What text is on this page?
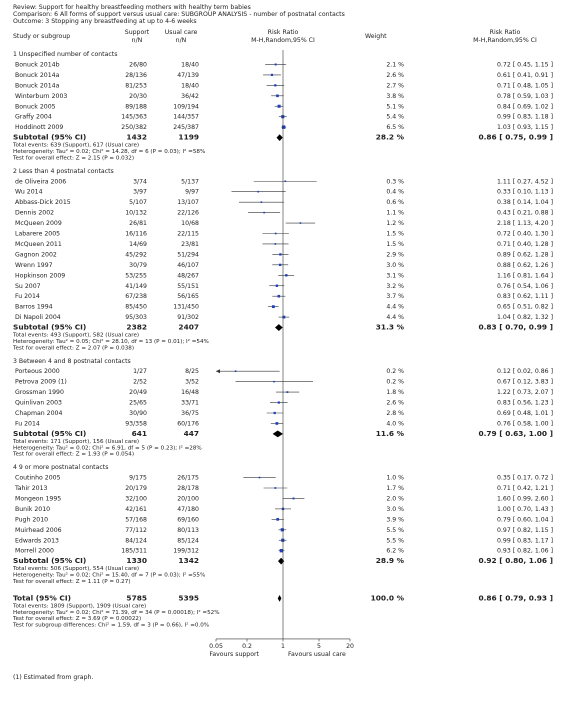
Review: Support for healthy breastfeeding mothers with healthy term babies
Comparison: 6 All forms of support versus usual care: SUBGROUP ANALYSIS - number of postnatal contacts
Outcome: 3 Stopping any breastfeeding at up to 4-6 weeks
Study or subgroup
Support
n/N
Usual care
n/N
Risk Ratio
M-H,Random,95% CI
Weight
Risk Ratio
M-H,Random,95% CI
1 Unspecified number of contacts
Bonuck 2014b	26/80	18/40	2.1 %	0.72 [ 0.45, 1.15 ]
Bonuck 2014a	28/136	47/139	2.6 %	0.61 [ 0.41, 0.91 ]
Bonuck 2014a	81/253	18/40	2.7 %	0.71 [ 0.48, 1.05 ]
Winterburn 2003	20/30	36/42	3.8 %	0.78 [ 0.59, 1.03 ]
Bonuck 2005	89/188	109/194	5.1 %	0.84 [ 0.69, 1.02 ]
Graffy 2004	145/363	144/357	5.4 %	0.99 [ 0.83, 1.18 ]
Hoddinott 2009	250/382	245/387	6.5 %	1.03 [ 0.93, 1.15 ]
Subtotal (95% CI)	1432	1199	28.2 %	0.86 [ 0.75, 0.99 ]
Total events: 639 (Support), 617 (Usual care)
Heterogeneity: Tau² = 0.02; Chi² = 14.28, df = 6 (P = 0.03); I² =58%
Test for overall effect: Z = 2.15 (P = 0.032)
2 Less than 4 postnatal contacts
de Oliveira 2006	3/74	5/137	0.3 %	1.11 [ 0.27, 4.52 ]
Wu 2014	3/97	9/97	0.4 %	0.33 [ 0.10, 1.13 ]
Abbass-Dick 2015	5/107	13/107	0.6 %	0.38 [ 0.14, 1.04 ]
Dennis 2002	10/132	22/126	1.1 %	0.43 [ 0.21, 0.88 ]
McQueen 2009	26/81	10/68	1.2 %	2.18 [ 1.13, 4.20 ]
Labarere 2005	16/116	22/115	1.5 %	0.72 [ 0.40, 1.30 ]
McQueen 2011	14/69	23/81	1.5 %	0.71 [ 0.40, 1.28 ]
Gagnon 2002	45/292	51/294	2.9 %	0.89 [ 0.62, 1.28 ]
Wrenn 1997	30/79	46/107	3.0 %	0.88 [ 0.62, 1.26 ]
Hopkinson 2009	53/255	48/267	3.1 %	1.16 [ 0.81, 1.64 ]
Su 2007	41/149	55/151	3.2 %	0.76 [ 0.54, 1.06 ]
Fu 2014	67/238	56/165	3.7 %	0.83 [ 0.62, 1.11 ]
Barros 1994	85/450	131/450	4.4 %	0.65 [ 0.51, 0.82 ]
Di Napoli 2004	95/303	91/302	4.4 %	1.04 [ 0.82, 1.32 ]
Subtotal (95% CI)	2382	2407	31.3 %	0.83 [ 0.70, 0.99 ]
Total events: 493 (Support), 582 (Usual care)
Heterogeneity: Tau² = 0.05; Chi² = 28.10, df = 13 (P = 0.01); I² =54%
Test for overall effect: Z = 2.07 (P = 0.038)
3 Between 4 and 8 postnatal contacts
Porteous 2000	1/27	8/25	0.2 %	0.12 [ 0.02, 0.86 ]
Petrova 2009 (1)	2/52	3/52	0.2 %	0.67 [ 0.12, 3.83 ]
Grossman 1990	20/49	16/48	1.8 %	1.22 [ 0.73, 2.07 ]
Quinlivan 2003	25/65	33/71	2.6 %	0.83 [ 0.56, 1.23 ]
Chapman 2004	30/90	36/75	2.8 %	0.69 [ 0.48, 1.01 ]
Fu 2014	93/358	60/176	4.0 %	0.76 [ 0.58, 1.00 ]
Subtotal (95% CI)	641	447	11.6 %	0.79 [ 0.63, 1.00 ]
Total events: 171 (Support), 156 (Usual care)
Heterogeneity: Tau² = 0.02; Chi² = 6.91, df = 5 (P = 0.23); I² =28%
Test for overall effect: Z = 1.93 (P = 0.054)
4 9 or more postnatal contacts
Coutinho 2005	9/175	26/175	1.0 %	0.35 [ 0.17, 0.72 ]
Tahir 2013	20/179	28/178	1.7 %	0.71 [ 0.42, 1.21 ]
Mongeon 1995	32/100	20/100	2.0 %	1.60 [ 0.99, 2.60 ]
Bunik 2010	42/161	47/180	3.0 %	1.00 [ 0.70, 1.43 ]
Pugh 2010	57/168	69/160	3.9 %	0.79 [ 0.60, 1.04 ]
Muirhead 2006	77/112	80/113	5.5 %	0.97 [ 0.82, 1.15 ]
Edwards 2013	84/124	85/124	5.5 %	0.99 [ 0.83, 1.17 ]
Morrell 2000	185/311	199/312	6.2 %	0.93 [ 0.82, 1.06 ]
Subtotal (95% CI)	1330	1342	28.9 %	0.92 [ 0.80, 1.06 ]
Total events: 506 (Support), 554 (Usual care)
Heterogeneity: Tau² = 0.02; Chi² = 15.40, df = 7 (P = 0.03); I² =55%
Test for overall effect: Z = 1.11 (P = 0.27)
Total (95% CI)	5785	5395	100.0 %	0.86 [ 0.79, 0.93 ]
Total events: 1809 (Support), 1909 (Usual care)
Heterogeneity: Tau² = 0.02; Chi² = 71.39, df = 34 (P = 0.00018); I² =52%
Test for overall effect: Z = 3.69 (P = 0.00022)
Test for subgroup differences: Chi² = 1.59, df = 3 (P = 0.66), I² =0.0%
0.05	0.2	1	5	20
Favours support	Favours usual care
(1) Estimated from graph.
